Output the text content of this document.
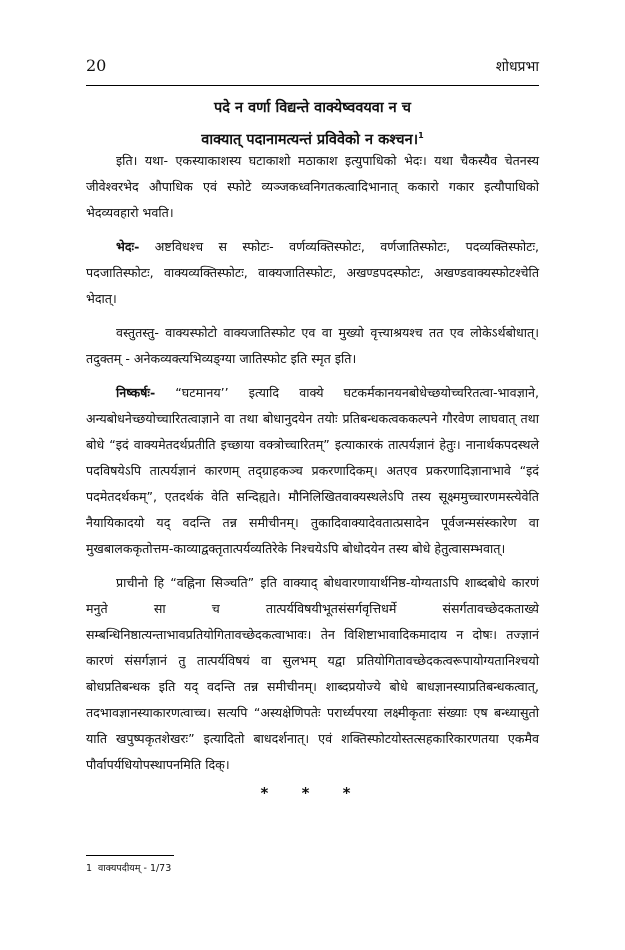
20	शोधप्रभा
पदे न वर्णा विद्यन्ते वाक्येष्ववयवा न च
वाक्यात् पदानामत्यन्तं प्रविवेको न कश्चन।$^1$

इति। यथा- एकस्याकाशस्य घटाकाशो मठाकाश इत्युपाधिको भेदः। यथा चैकस्यैव चेतनस्य जीवेश्वरभेद औपाधिक एवं स्फोटे व्यञ्जकध्वनिगतकत्वादिभानात् ककारो गकार इत्यौपाधिको भेदव्यवहारो भवति।

भेदः- अष्टविधश्च स स्फोटः- वर्णव्यक्तिस्फोटः, वर्णजातिस्फोटः, पदव्यक्तिस्फोटः, पदजातिस्फोटः, वाक्यव्यक्तिस्फोटः, वाक्यजातिस्फोटः, अखण्डपदस्फोटः, अखण्डवाक्यस्फोटश्चेति भेदात्।

वस्तुतस्तु- वाक्यस्फोटो वाक्यजातिस्फोट एव वा मुख्यो वृत्त्याश्रयश्च तत एव लोकेऽर्थबोधात्। तदुक्तम् - अनेकव्यक्त्यभिव्यङ्ग्या जातिस्फोट इति स्मृत इति।

निष्कर्षः- “घटमानय’’ इत्यादि वाक्ये घटकर्मकानयनबोधेच्छयोच्चरितत्वा-भावज्ञाने, अन्यबोधनेच्छयोच्चारितत्वाज्ञाने वा तथा बोधानुदयेन तयोः प्रतिबन्धकत्वककल्पने गौरवेण लाघवात् तथा बोधे “इदं वाक्यमेतदर्थप्रतीति इच्छाया वक्त्रोच्चारितम्” इत्याकारकं तात्पर्यज्ञानं हेतुः। नानार्थकपदस्थले पदविषयेऽपि तात्पर्यज्ञानं कारणम् तद्ग्राहकञ्च प्रकरणादिकम्। अतएव प्रकरणादिज्ञानाभावे “इदं पदमेतदर्थकम्”, एतदर्थकं वेति सन्दिह्यते। मौनिलिखितवाक्यस्थलेऽपि तस्य सूक्ष्ममुच्चारणमस्त्येवेति नैयायिकादयो यद् वदन्ति तन्न समीचीनम्। तुकादिवाक्यादेवतात्प्रसादेन पूर्वजन्मसंस्कारेण वा मुखबालककृतोत्तम-काव्याद्वक्तृतात्पर्यव्यतिरेके निश्चयेऽपि बोधोदयेन तस्य बोधे हेतुत्वासम्भवात्।

प्राचीनो हि “वह्निना सिञ्चति” इति वाक्याद् बोधवारणायार्थनिष्ठ-योग्यताऽपि शाब्दबोधे कारणं मनुते सा च तात्पर्यविषयीभूतसंसर्गवृत्तिधर्मे संसर्गतावच्छेदकताख्ये सम्बन्धिनिष्ठात्यन्ताभावप्रतियोगितावच्छेदकत्वाभावः। तेन विशिष्टाभावादिकमादाय न दोषः। तज्ज्ञानं कारणं संसर्गज्ञानं तु तात्पर्यविषयं वा सुलभम् यद्वा प्रतियोगितावच्छेदकत्वरूपायोग्यतानिश्चयो बोधप्रतिबन्धक इति यद् वदन्ति तन्न समीचीनम्। शाब्दप्रयोज्ये बोधे बाधज्ञानस्याप्रतिबन्धकत्वात्, तदभावज्ञानस्याकारणत्वाच्च। सत्यपि “अस्यक्षेणिपतेः परार्ध्यपरया लक्ष्मीकृताः संख्याः एष बन्ध्यासुतो याति खपुष्पकृतशेखरः” इत्यादितो बाधदर्शनात्। एवं शक्तिस्फोटयोस्तत्सहकारिकारणतया एकमैव पौर्वापर्यधियोपस्थापनमिति दिक्।

* * *
1 वाक्यपदीयम् - 1/73
